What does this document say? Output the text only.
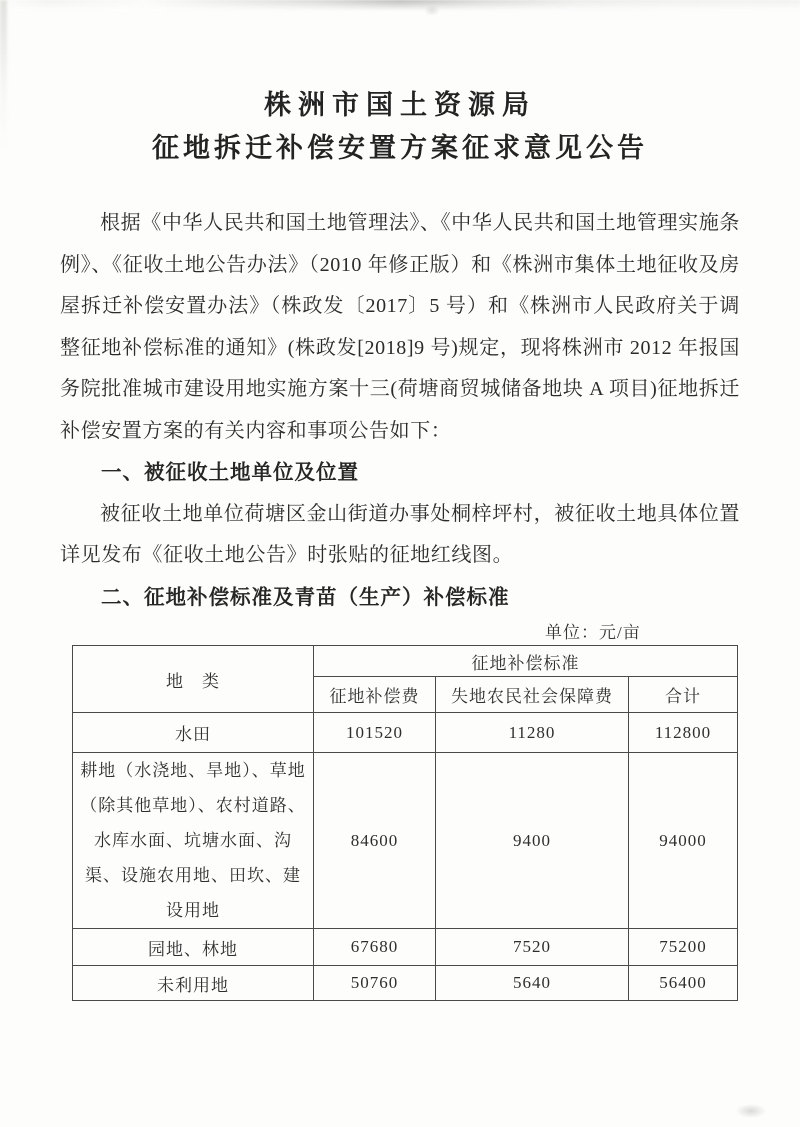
株洲市国土资源局
征地拆迁补偿安置方案征求意见公告

根据《中华人民共和国土地管理法》、《中华人民共和国土地管理实施条例》、《征收土地公告办法》（2010 年修正版）和《株洲市集体土地征收及房屋拆迁补偿安置办法》（株政发〔2017〕5 号）和《株洲市人民政府关于调整征地补偿标准的通知》(株政发[2018]9 号)规定，现将株洲市 2012 年报国务院批准城市建设用地实施方案十三(荷塘商贸城储备地块 A 项目)征地拆迁补偿安置方案的有关内容和事项公告如下：

一、被征收土地单位及位置

被征收土地单位荷塘区金山街道办事处桐梓坪村，被征收土地具体位置详见发布《征收土地公告》时张贴的征地红线图。

二、征地补偿标准及青苗（生产）补偿标准
单位：元/亩
地　类	征地补偿标准		
	征地补偿费	失地农民社会保障费	合计
水田	101520	11280	112800
耕地（水浇地、旱地）、草地（除其他草地）、农村道路、水库水面、坑塘水面、沟渠、设施农用地、田坎、建设用地	84600	9400	94000
园地、林地	67680	7520	75200
未利用地	50760	5640	56400
